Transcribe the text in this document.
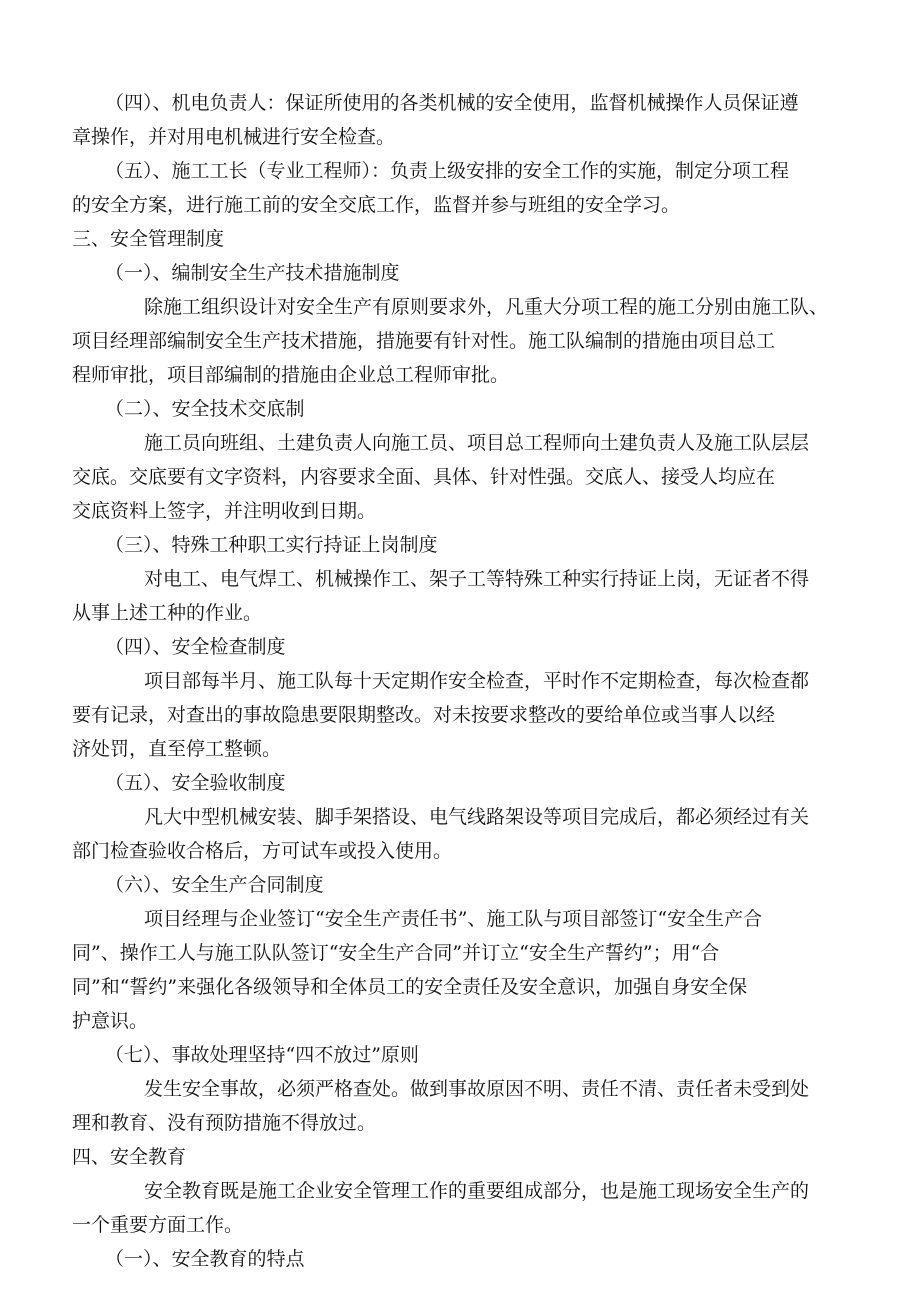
（四）、机电负责人：保证所使用的各类机械的安全使用，监督机械操作人员保证遵
章操作，并对用电机械进行安全检查。
（五）、施工工长（专业工程师）：负责上级安排的安全工作的实施，制定分项工程
的安全方案，进行施工前的安全交底工作，监督并参与班组的安全学习。
三、安全管理制度
（一）、编制安全生产技术措施制度
除施工组织设计对安全生产有原则要求外，凡重大分项工程的施工分别由施工队、
项目经理部编制安全生产技术措施，措施要有针对性。施工队编制的措施由项目总工
程师审批，项目部编制的措施由企业总工程师审批。
（二）、安全技术交底制
施工员向班组、土建负责人向施工员、项目总工程师向土建负责人及施工队层层
交底。交底要有文字资料，内容要求全面、具体、针对性强。交底人、接受人均应在
交底资料上签字，并注明收到日期。
（三）、特殊工种职工实行持证上岗制度
对电工、电气焊工、机械操作工、架子工等特殊工种实行持证上岗，无证者不得
从事上述工种的作业。
（四）、安全检查制度
项目部每半月、施工队每十天定期作安全检查，平时作不定期检查，每次检查都
要有记录，对查出的事故隐患要限期整改。对未按要求整改的要给单位或当事人以经
济处罚，直至停工整顿。
（五）、安全验收制度
凡大中型机械安装、脚手架搭设、电气线路架设等项目完成后，都必须经过有关
部门检查验收合格后，方可试车或投入使用。
（六）、安全生产合同制度
项目经理与企业签订“安全生产责任书”、施工队与项目部签订“安全生产合
同”、操作工人与施工队队签订“安全生产合同”并订立“安全生产誓约”；用“合
同”和“誓约”来强化各级领导和全体员工的安全责任及安全意识，加强自身安全保
护意识。
（七）、事故处理坚持“四不放过”原则
发生安全事故，必须严格查处。做到事故原因不明、责任不清、责任者未受到处
理和教育、没有预防措施不得放过。
四、安全教育
安全教育既是施工企业安全管理工作的重要组成部分，也是施工现场安全生产的
一个重要方面工作。
（一）、安全教育的特点
